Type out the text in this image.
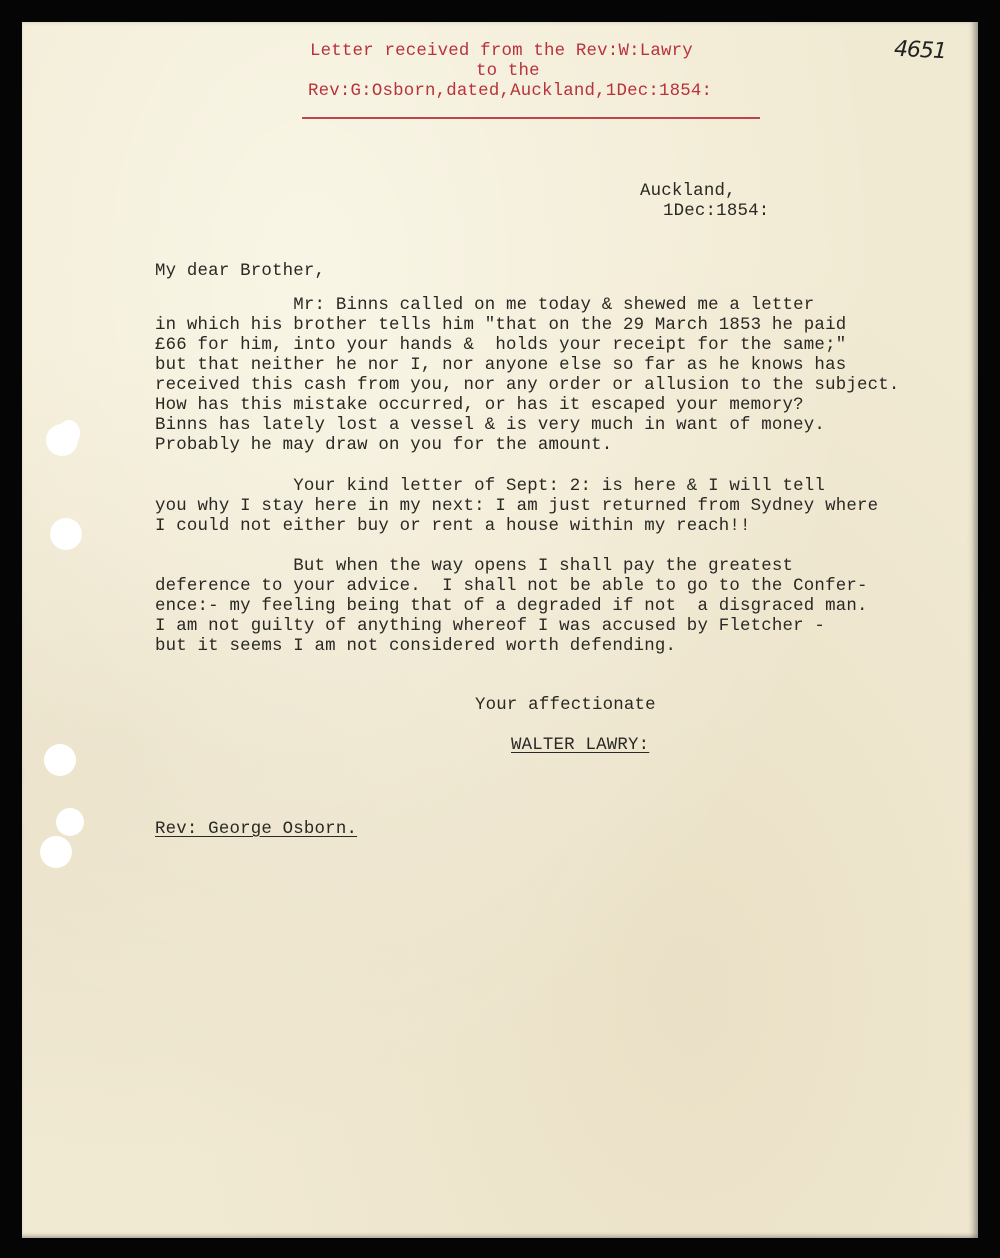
4651
Letter received from the Rev:W:Lawry
to the
Rev:G:Osborn,dated,Auckland,1Dec:1854:
Auckland,
1Dec:1854:
My dear Brother,
Mr: Binns called on me today & shewed me a letter
in which his brother tells him "that on the 29 March 1853 he paid
£66 for him, into your hands &  holds your receipt for the same;"
but that neither he nor I, nor anyone else so far as he knows has
received this cash from you, nor any order or allusion to the subject.
How has this mistake occurred, or has it escaped your memory?
Binns has lately lost a vessel & is very much in want of money.
Probably he may draw on you for the amount.
Your kind letter of Sept: 2: is here & I will tell
you why I stay here in my next: I am just returned from Sydney where
I could not either buy or rent a house within my reach!!
But when the way opens I shall pay the greatest
deference to your advice.  I shall not be able to go to the Confer-
ence:- my feeling being that of a degraded if not  a disgraced man.
I am not guilty of anything whereof I was accused by Fletcher -
but it seems I am not considered worth defending.
Your affectionate
WALTER LAWRY:
Rev: George Osborn.
